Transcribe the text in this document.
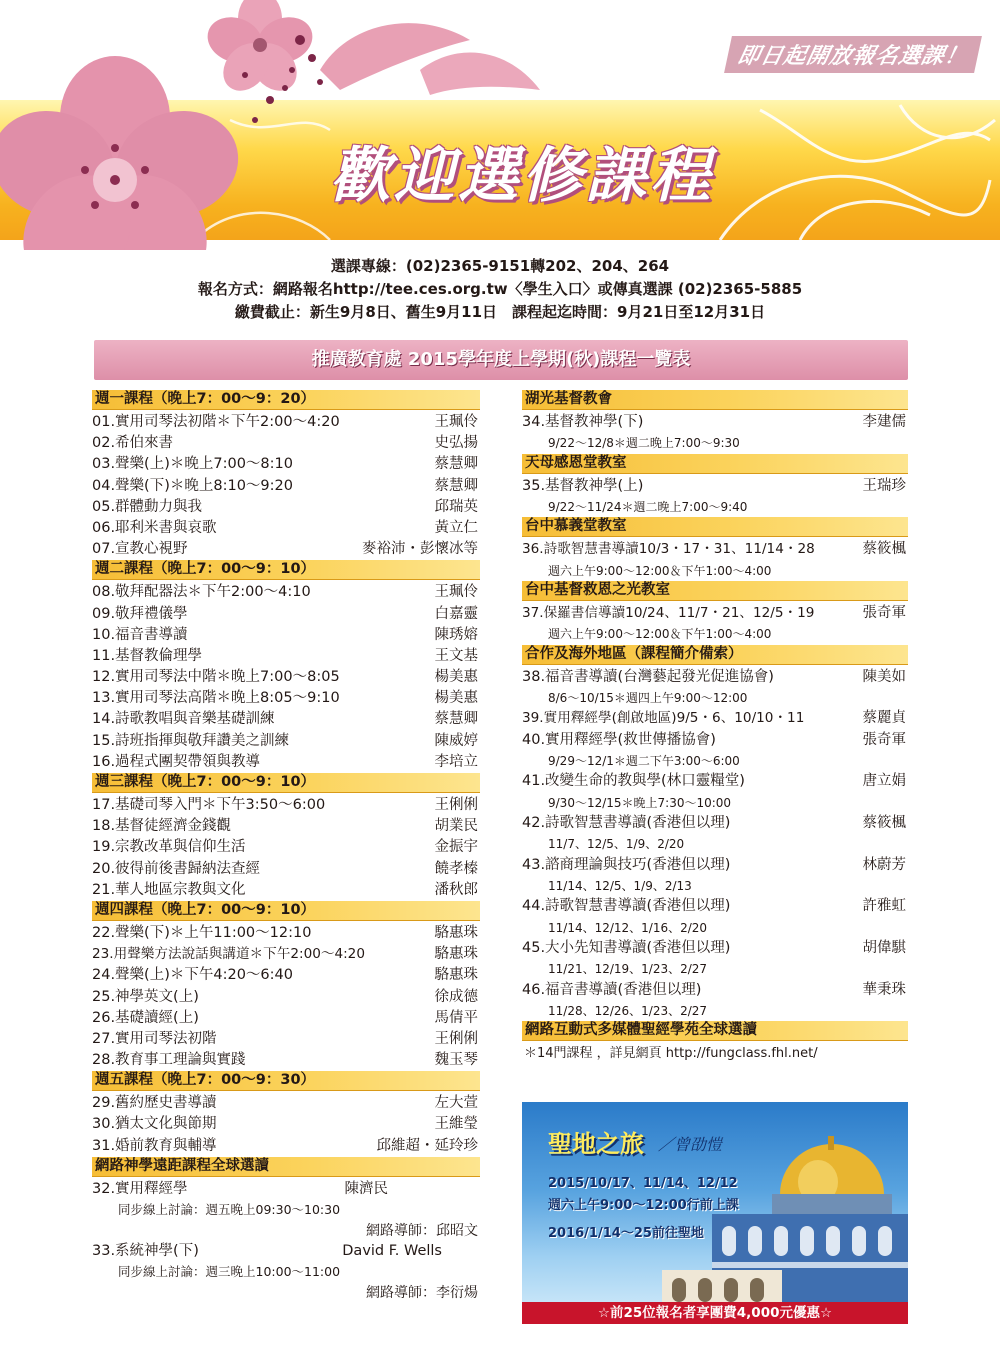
即日起開放報名選課！
歡迎選修課程
選課專線：(02)2365-9151轉202、204、264
報名方式：網路報名http://tee.ces.org.tw〈學生入口〉或傳真選課 (02)2365-5885
繳費截止：新生9月8日、舊生9月11日　課程起迄時間：9月21日至12月31日
推廣教育處 2015學年度上學期(秋)課程一覽表
週一課程（晚上7：00～9：20）
01.實用司琴法初階＊下午2:00～4:20	王珮伶
02.希伯來書	史弘揚
03.聲樂(上)＊晚上7:00～8:10	蔡慧卿
04.聲樂(下)＊晚上8:10～9:20	蔡慧卿
05.群體動力與我	邱瑞英
06.耶利米書與哀歌	黃立仁
07.宣教心視野	麥裕沛・彭懷冰等
週二課程（晚上7：00～9：10）
08.敬拜配器法＊下午2:00～4:10	王珮伶
09.敬拜禮儀學	白嘉靈
10.福音書導讀	陳琇嫆
11.基督教倫理學	王文基
12.實用司琴法中階＊晚上7:00～8:05	楊美惠
13.實用司琴法高階＊晚上8:05～9:10	楊美惠
14.詩歌教唱與音樂基礎訓練	蔡慧卿
15.詩班指揮與敬拜讚美之訓練	陳威婷
16.過程式團契帶領與教導	李培立
週三課程（晚上7：00～9：10）
17.基礎司琴入門＊下午3:50～6:00	王俐俐
18.基督徒經濟金錢觀	胡業民
19.宗教改革與信仰生活	金振宇
20.彼得前後書歸納法查經	饒孝榛
21.華人地區宗教與文化	潘秋郎
週四課程（晚上7：00～9：10）
22.聲樂(下)＊上午11:00～12:10	駱惠珠
23.用聲樂方法說話與講道＊下午2:00～4:20	駱惠珠
24.聲樂(上)＊下午4:20～6:40	駱惠珠
25.神學英文(上)	徐成德
26.基礎讀經(上)	馬倩平
27.實用司琴法初階	王俐俐
28.教育事工理論與實踐	魏玉琴
週五課程（晚上7：00～9：30）
29.舊約歷史書導讀	左大萱
30.猶太文化與節期	王維瑩
31.婚前教育與輔導	邱維超・延玲珍
網路神學遠距課程全球選讀
32.實用釋經學	陳濟民
同步線上討論：週五晚上09:30～10:30
網路導師：邱昭文
33.系統神學(下)	David F. Wells
同步線上討論：週三晚上10:00～11:00
網路導師：李衍煬
湖光基督教會
34.基督教神學(下)	李建儒
9/22～12/8＊週二晚上7:00～9:30
天母感恩堂教室
35.基督教神學(上)	王瑞珍
9/22～11/24＊週二晚上7:00～9:40
台中慕義堂教室
36.詩歌智慧書導讀10/3・17・31、11/14・28	蔡筱楓
週六上午9:00～12:00＆下午1:00～4:00
台中基督救恩之光教室
37.保羅書信導讀10/24、11/7・21、12/5・19	張奇軍
週六上午9:00～12:00＆下午1:00～4:00
合作及海外地區（課程簡介備索）
38.福音書導讀(台灣藝起發光促進協會)	陳美如
8/6～10/15＊週四上午9:00～12:00
39.實用釋經學(創啟地區)9/5・6、10/10・11	蔡麗貞
40.實用釋經學(救世傳播協會)	張奇軍
9/29～12/1＊週二下午3:00～6:00
41.改變生命的教與學(林口靈糧堂)	唐立娟
9/30～12/15＊晚上7:30～10:00
42.詩歌智慧書導讀(香港但以理)	蔡筱楓
11/7、12/5、1/9、2/20
43.諮商理論與技巧(香港但以理)	林蔚芳
11/14、12/5、1/9、2/13
44.詩歌智慧書導讀(香港但以理)	許雅虹
11/14、12/12、1/16、2/20
45.大小先知書導讀(香港但以理)	胡偉騏
11/21、12/19、1/23、2/27
46.福音書導讀(香港但以理)	華秉珠
11/28、12/26、1/23、2/27
網路互動式多媒體聖經學苑全球選讀
＊14門課程 ，詳見網頁 http://fungclass.fhl.net/
聖地之旅 ／曾劭愷
2015/10/17、11/14、12/12
週六上午9:00～12:00行前上課
2016/1/14～25前往聖地
☆前25位報名者享團費4,000元優惠☆
